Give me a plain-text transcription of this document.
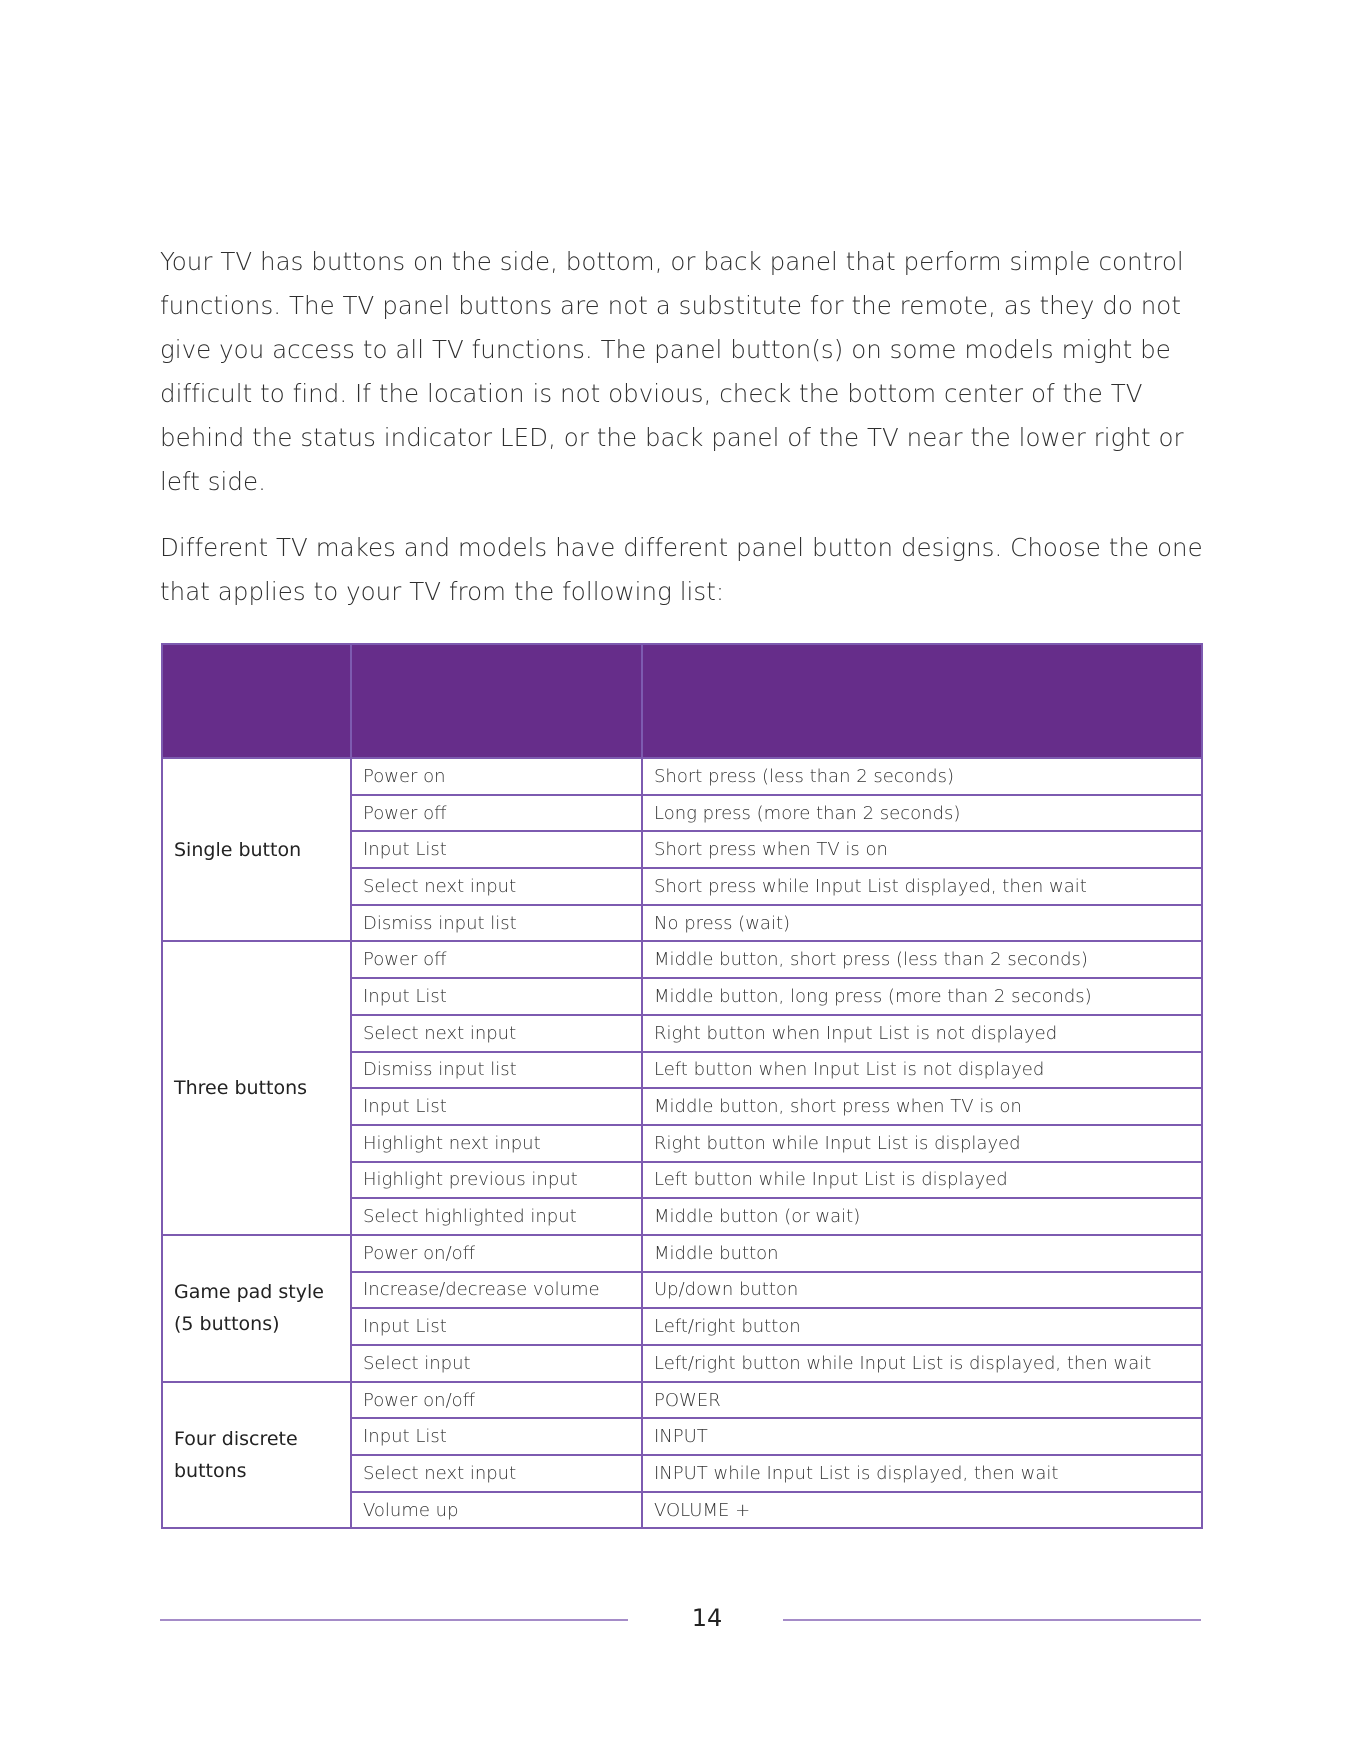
Your TV has buttons on the side, bottom, or back panel that perform simple control functions. The TV panel buttons are not a substitute for the remote, as they do not give you access to all TV functions. The panel button(s) on some models might be difficult to find. If the location is not obvious, check the bottom center of the TV behind the status indicator LED, or the back panel of the TV near the lower right or left side.

Different TV makes and models have different panel button designs. Choose the one that applies to your TV from the following list:

Single button	Power on	Short press (less than 2 seconds)
	Power off	Long press (more than 2 seconds)
	Input List	Short press when TV is on
	Select next input	Short press while Input List displayed, then wait
	Dismiss input list	No press (wait)
Three buttons	Power off	Middle button, short press (less than 2 seconds)
	Input List	Middle button, long press (more than 2 seconds)
	Select next input	Right button when Input List is not displayed
	Dismiss input list	Left button when Input List is not displayed
	Input List	Middle button, short press when TV is on
	Highlight next input	Right button while Input List is displayed
	Highlight previous input	Left button while Input List is displayed
	Select highlighted input	Middle button (or wait)
Game pad style (5 buttons)	Power on/off	Middle button
	Increase/decrease volume	Up/down button
	Input List	Left/right button
	Select input	Left/right button while Input List is displayed, then wait
Four discrete buttons	Power on/off	POWER
	Input List	INPUT
	Select next input	INPUT while Input List is displayed, then wait
	Volume up	VOLUME +
14
